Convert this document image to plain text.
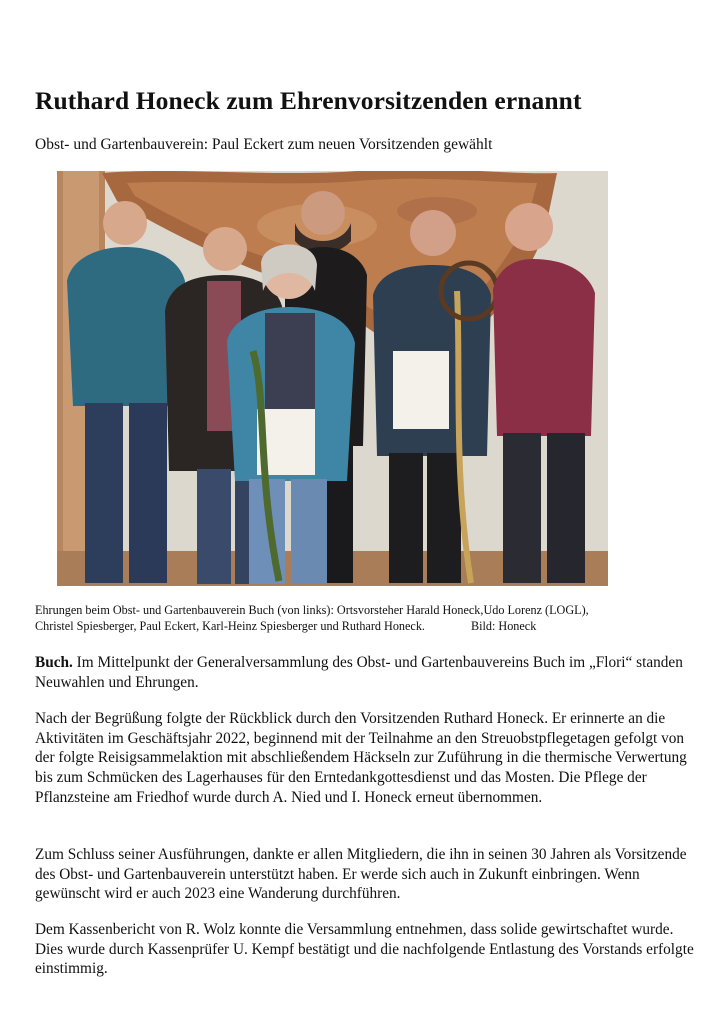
Ruthard Honeck zum Ehrenvorsitzenden ernannt

Obst- und Gartenbauverein: Paul Eckert zum neuen Vorsitzenden gewählt

Ehrungen beim Obst- und Gartenbauverein Buch (von links): Ortsvorsteher Harald Honeck,Udo Lorenz (LOGL),
Christel Spiesberger, Paul Eckert, Karl-Heinz Spiesberger und Ruthard Honeck.	Bild: Honeck

Buch. Im Mittelpunkt der Generalversammlung des Obst- und Gartenbauvereins Buch im „Flori“ standen Neuwahlen und Ehrungen.

Nach der Begrüßung folgte der Rückblick durch den Vorsitzenden Ruthard Honeck. Er erinnerte an die Aktivitäten im Geschäftsjahr 2022, beginnend mit der Teilnahme an den Streuobstpflegetagen gefolgt von der folgte Reisigsammelaktion mit abschließendem Häckseln zur Zuführung in die thermische Verwertung bis zum Schmücken des Lagerhauses für den Erntedankgottesdienst und das Mosten. Die Pflege der Pflanzsteine am Friedhof wurde durch A. Nied und I. Honeck erneut übernommen.

Zum Schluss seiner Ausführungen, dankte er allen Mitgliedern, die ihn in seinen 30 Jahren als Vorsitzende des Obst- und Gartenbauverein unterstützt haben. Er werde sich auch in Zukunft einbringen. Wenn gewünscht wird er auch 2023 eine Wanderung durchführen.

Dem Kassenbericht von R. Wolz konnte die Versammlung entnehmen, dass solide gewirtschaftet wurde. Dies wurde durch Kassenprüfer U. Kempf bestätigt und die nachfolgende Entlastung des Vorstands erfolgte einstimmig.
